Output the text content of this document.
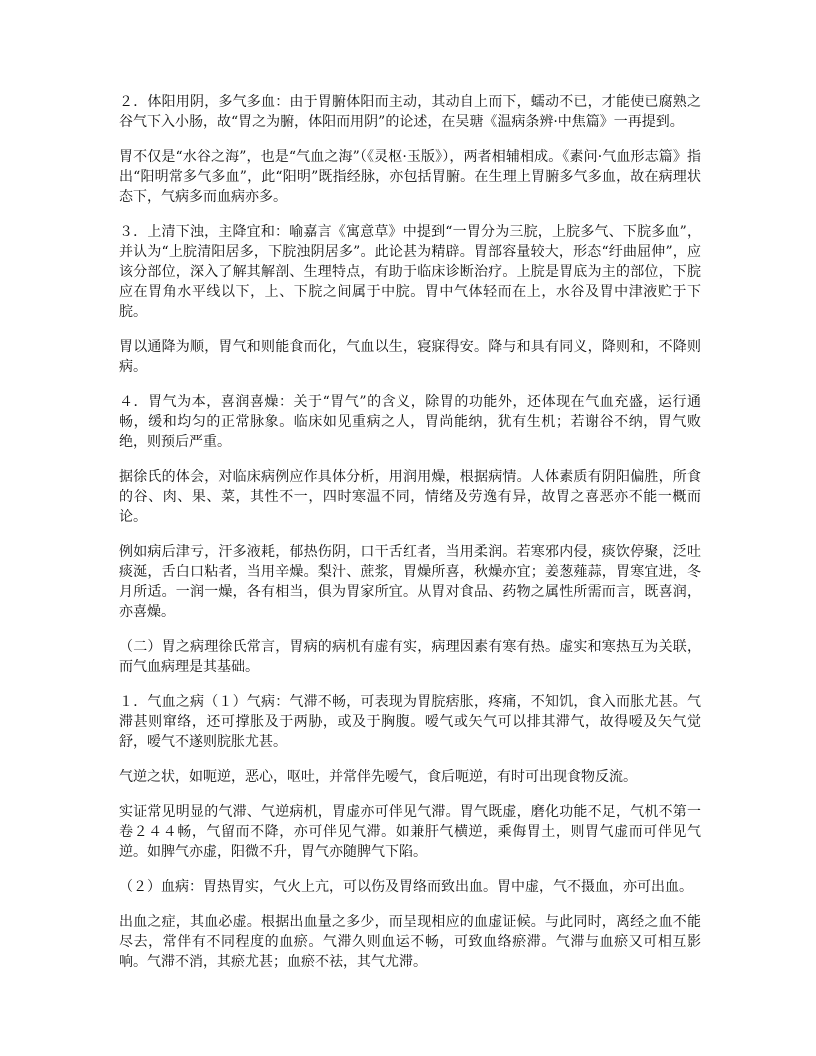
２．体阳用阴，多气多血：由于胃腑体阳而主动，其动自上而下，蠕动不已，才能使已腐熟之谷气下入小肠，故“胃之为腑，体阳而用阴”的论述，在吴瑭《温病条辨·中焦篇》一再提到。

胃不仅是“水谷之海”，也是“气血之海”（《灵枢·玉版》），两者相辅相成。《素问·气血形志篇》指出“阳明常多气多血”，此“阳明”既指经脉，亦包括胃腑。在生理上胃腑多气多血，故在病理状态下，气病多而血病亦多。

３．上清下浊，主降宜和：喻嘉言《寓意草》中提到“一胃分为三脘，上脘多气、下脘多血”，并认为“上脘清阳居多，下脘浊阴居多”。此论甚为精辟。胃部容量较大，形态“纡曲屈伸”，应该分部位，深入了解其解剖、生理特点，有助于临床诊断治疗。上脘是胃底为主的部位，下脘应在胃角水平线以下，上、下脘之间属于中脘。胃中气体轻而在上，水谷及胃中津液贮于下脘。

胃以通降为顺，胃气和则能食而化，气血以生，寝寐得安。降与和具有同义，降则和，不降则病。

４．胃气为本，喜润喜燥：关于“胃气”的含义，除胃的功能外，还体现在气血充盛，运行通畅，缓和均匀的正常脉象。临床如见重病之人，胃尚能纳，犹有生机；若谢谷不纳，胃气败绝，则预后严重。

据徐氏的体会，对临床病例应作具体分析，用润用燥，根据病情。人体素质有阴阳偏胜，所食的谷、肉、果、菜，其性不一，四时寒温不同，情绪及劳逸有异，故胃之喜恶亦不能一概而论。

例如病后津亏，汗多液耗，郁热伤阴，口干舌红者，当用柔润。若寒邪内侵，痰饮停聚，泛吐痰涎，舌白口粘者，当用辛燥。梨汁、蔗浆，胃燥所喜，秋燥亦宜；姜葱薤蒜，胃寒宜进，冬月所适。一润一燥，各有相当，俱为胃家所宜。从胃对食品、药物之属性所需而言，既喜润，亦喜燥。

（二）胃之病理徐氏常言，胃病的病机有虚有实，病理因素有寒有热。虚实和寒热互为关联，而气血病理是其基础。

１．气血之病（１）气病：气滞不畅，可表现为胃脘痞胀，疼痛，不知饥，食入而胀尤甚。气滞甚则窜络，还可撑胀及于两胁，或及于胸腹。嗳气或矢气可以排其滞气，故得嗳及矢气觉舒，嗳气不遂则脘胀尤甚。

气逆之状，如呃逆，恶心，呕吐，并常伴先嗳气，食后呃逆，有时可出现食物反流。

实证常见明显的气滞、气逆病机，胃虚亦可伴见气滞。胃气既虚，磨化功能不足，气机不第一卷２４４畅，气留而不降，亦可伴见气滞。如兼肝气横逆，乘侮胃土，则胃气虚而可伴见气逆。如脾气亦虚，阳微不升，胃气亦随脾气下陷。

（２）血病：胃热胃实，气火上亢，可以伤及胃络而致出血。胃中虚，气不摄血，亦可出血。

出血之症，其血必虚。根据出血量之多少，而呈现相应的血虚证候。与此同时，离经之血不能尽去，常伴有不同程度的血瘀。气滞久则血运不畅，可致血络瘀滞。气滞与血瘀又可相互影响。气滞不消，其瘀尤甚；血瘀不祛，其气尤滞。
